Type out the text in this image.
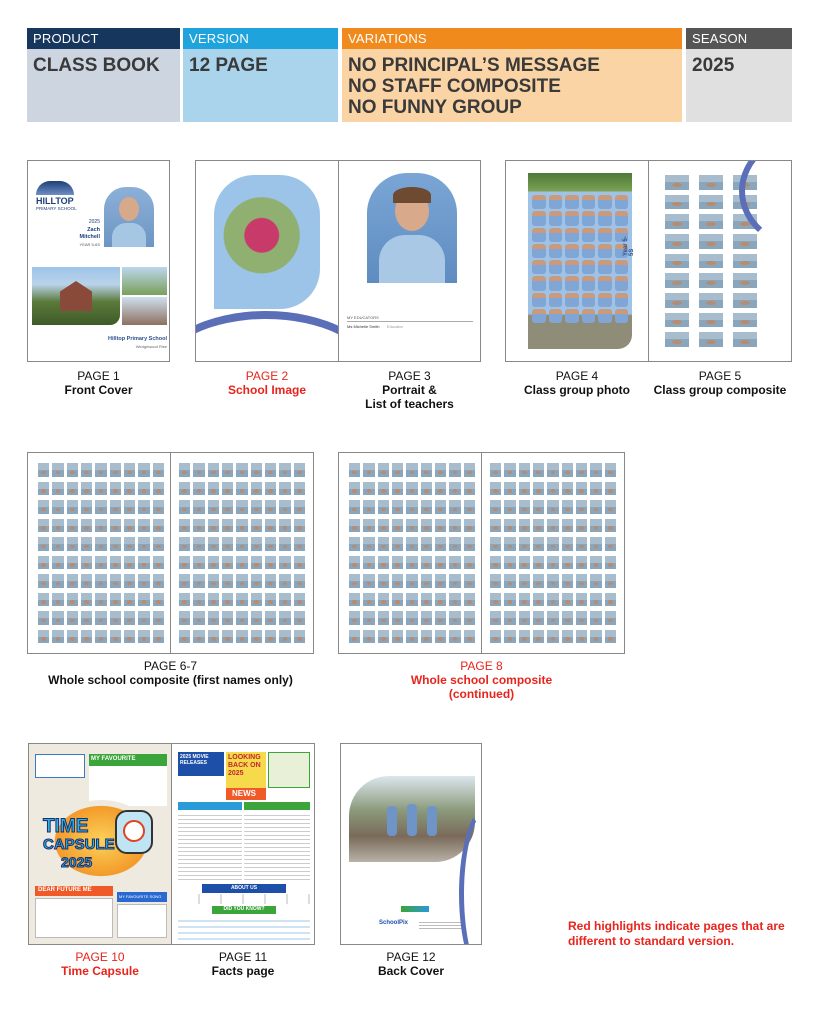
PRODUCT
CLASS BOOK
VERSION
12 PAGE
VARIATIONS
NO PRINCIPAL’S MESSAGE
NO STAFF COMPOSITE
NO FUNNY GROUP
SEASON
2025
HILLTOP
PRIMARY SCHOOL
2025
Zach
Mitchell
YEAR 5-6S
Hilltop Primary School
Wedgewood Rise
PAGE 1
Front Cover
MY EDUCATORS
Ms Michelle Smith Educator
PAGE 2
School Image
PAGE 3
Portrait &
List of teachers
Year 5-5S
PAGE 4
Class group photo
PAGE 5
Class group composite
PAGE 6-7
Whole school composite (first names only)
PAGE 8
Whole school composite
(continued)
MY FAVOURITE
TIME
CAPSULE
2025
DEAR FUTURE ME
MY FAVOURITE SONG
2025 MOVIE RELEASES
LOOKING BACK ON 2025
NEWS
ABOUT US
DID YOU KNOW?
PAGE 10
Time Capsule
PAGE 11
Facts page
SchoolPix
PAGE 12
Back Cover
Red highlights indicate pages that are different to standard version.
